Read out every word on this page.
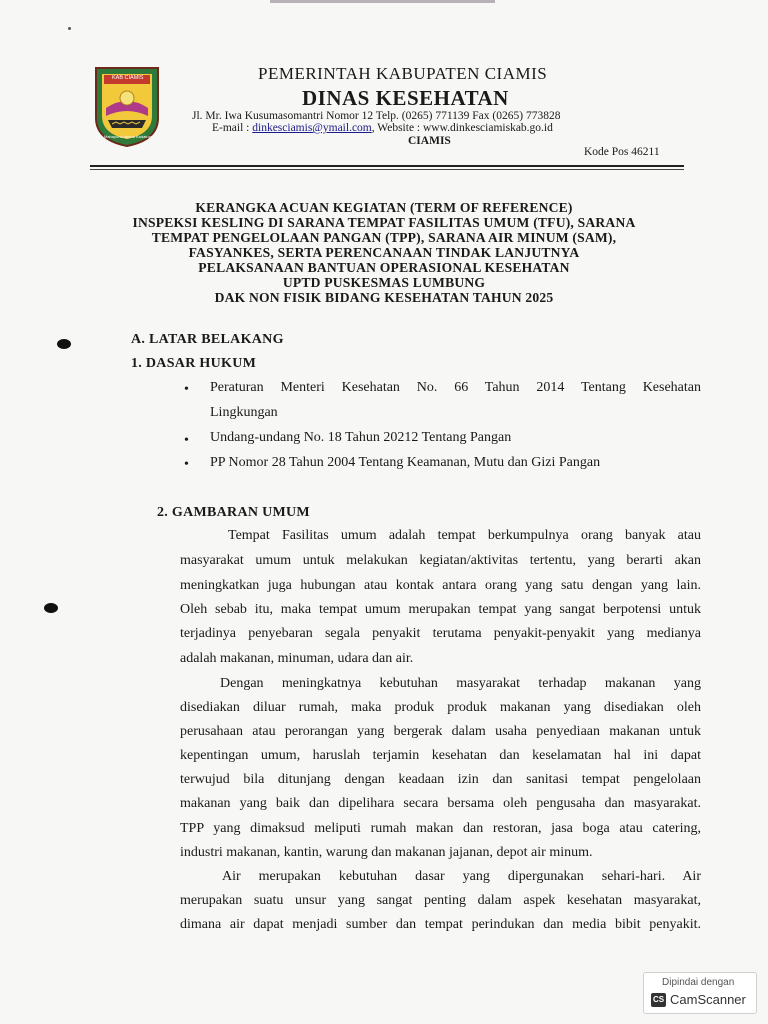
KAB CIAMIS
Mahayuna Ayuna Kadatuan
PEMERINTAH KABUPATEN CIAMIS
DINAS KESEHATAN
Jl. Mr. Iwa Kusumasomantri Nomor 12 Telp. (0265) 771139 Fax (0265) 773828
E-mail : dinkesciamis@ymail.com, Website : www.dinkesciamiskab.go.id
CIAMIS
Kode Pos 46211
KERANGKA ACUAN KEGIATAN (TERM OF REFERENCE)
INSPEKSI KESLING DI SARANA TEMPAT FASILITAS UMUM (TFU), SARANA
TEMPAT PENGELOLAAN PANGAN (TPP), SARANA AIR MINUM (SAM),
FASYANKES, SERTA PERENCANAAN TINDAK LANJUTNYA
PELAKSANAAN BANTUAN OPERASIONAL KESEHATAN
UPTD PUSKESMAS LUMBUNG
DAK NON FISIK BIDANG KESEHATAN TAHUN 2025
A. LATAR BELAKANG
1. DASAR HUKUM
• Peraturan Menteri Kesehatan No. 66 Tahun 2014 Tentang Kesehatan
Lingkungan
• Undang-undang No. 18 Tahun 20212 Tentang Pangan
• PP Nomor 28 Tahun 2004 Tentang Keamanan, Mutu dan Gizi Pangan
2. GAMBARAN UMUM
Tempat Fasilitas umum adalah tempat berkumpulnya orang banyak atau
masyarakat umum untuk melakukan kegiatan/aktivitas tertentu, yang berarti akan
meningkatkan juga hubungan atau kontak antara orang yang satu dengan yang lain.
Oleh sebab itu, maka tempat umum merupakan tempat yang sangat berpotensi untuk
terjadinya penyebaran segala penyakit terutama penyakit-penyakit yang medianya
adalah makanan, minuman, udara dan air.
Dengan meningkatnya kebutuhan masyarakat terhadap makanan yang
disediakan diluar rumah, maka produk produk makanan yang disediakan oleh
perusahaan atau perorangan yang bergerak dalam usaha penyediaan makanan untuk
kepentingan umum, haruslah terjamin kesehatan dan keselamatan hal ini dapat
terwujud bila ditunjang dengan keadaan izin dan sanitasi tempat pengelolaan
makanan yang baik dan dipelihara secara bersama oleh pengusaha dan masyarakat.
TPP yang dimaksud meliputi rumah makan dan restoran, jasa boga atau catering,
industri makanan, kantin, warung dan makanan jajanan, depot air minum.
Air merupakan kebutuhan dasar yang dipergunakan sehari-hari. Air
merupakan suatu unsur yang sangat penting dalam aspek kesehatan masyarakat,
dimana air dapat menjadi sumber dan tempat perindukan dan media bibit penyakit.
Dipindai dengan
CS CamScanner
